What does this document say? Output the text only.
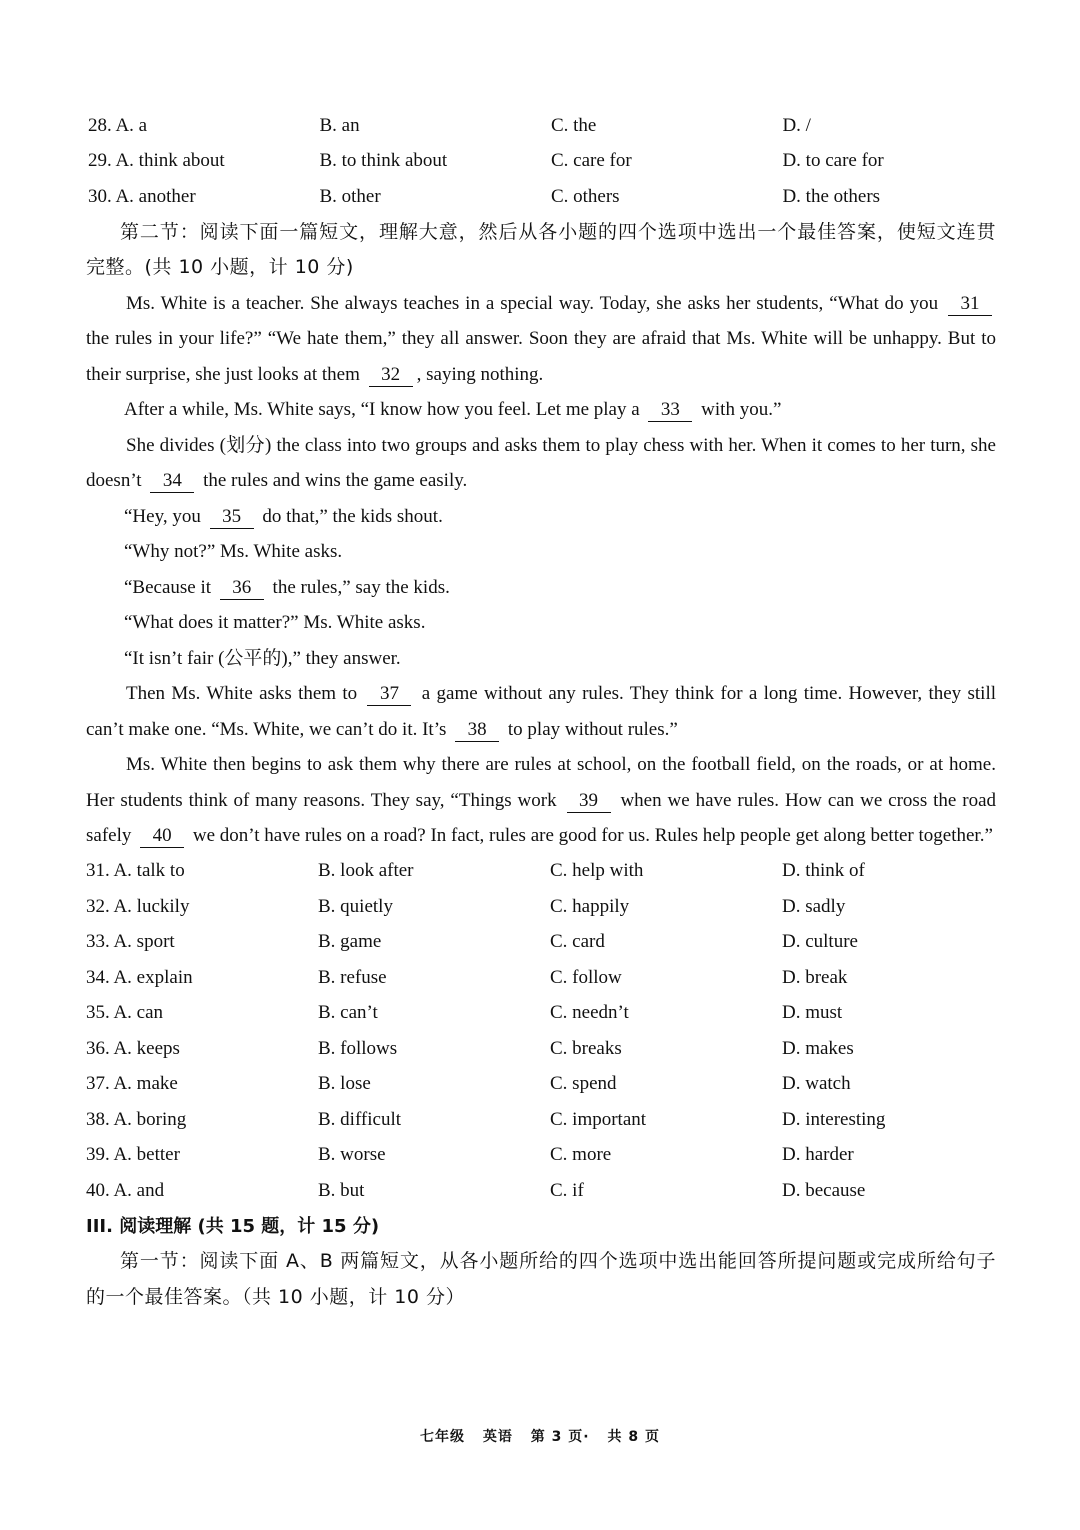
28. A. a	B. an	C. the	D. /
29. A. think about	B. to think about	C. care for	D. to care for
30. A. another	B. other	C. others	D. the others
第二节：阅读下面一篇短文，理解大意，然后从各小题的四个选项中选出一个最佳答案，使短文连贯完整。(共 10 小题，计 10 分)

Ms. White is a teacher. She always teaches in a special way. Today, she asks her students, “What do you 31 the rules in your life?” “We hate them,” they all answer. Soon they are afraid that Ms. White will be unhappy. But to their surprise, she just looks at them 32 , saying nothing.

After a while, Ms. White says, “I know how you feel. Let me play a 33 with you.”

She divides (划分) the class into two groups and asks them to play chess with her. When it comes to her turn, she doesn’t 34 the rules and wins the game easily.

“Hey, you 35 do that,” the kids shout.

“Why not?” Ms. White asks.

“Because it 36 the rules,” say the kids.

“What does it matter?” Ms. White asks.

“It isn’t fair (公平的),” they answer.

Then Ms. White asks them to 37 a game without any rules. They think for a long time. However, they still can’t make one. “Ms. White, we can’t do it. It’s 38 to play without rules.”

Ms. White then begins to ask them why there are rules at school, on the football field, on the roads, or at home. Her students think of many reasons. They say, “Things work 39 when we have rules. How can we cross the road safely 40 we don’t have rules on a road? In fact, rules are good for us. Rules help people get along better together.”

31. A. talk to	B. look after	C. help with	D. think of
32. A. luckily	B. quietly	C. happily	D. sadly
33. A. sport	B. game	C. card	D. culture
34. A. explain	B. refuse	C. follow	D. break
35. A. can	B. can’t	C. needn’t	D. must
36. A. keeps	B. follows	C. breaks	D. makes
37. A. make	B. lose	C. spend	D. watch
38. A. boring	B. difficult	C. important	D. interesting
39. A. better	B. worse	C. more	D. harder
40. A. and	B. but	C. if	D. because
III. 阅读理解 (共 15 题，计 15 分)
第一节：阅读下面 A、B 两篇短文，从各小题所给的四个选项中选出能回答所提问题或完成所给句子的一个最佳答案。（共 10 小题，计 10 分）
七年级 英语 第 3 页· 共 8 页
